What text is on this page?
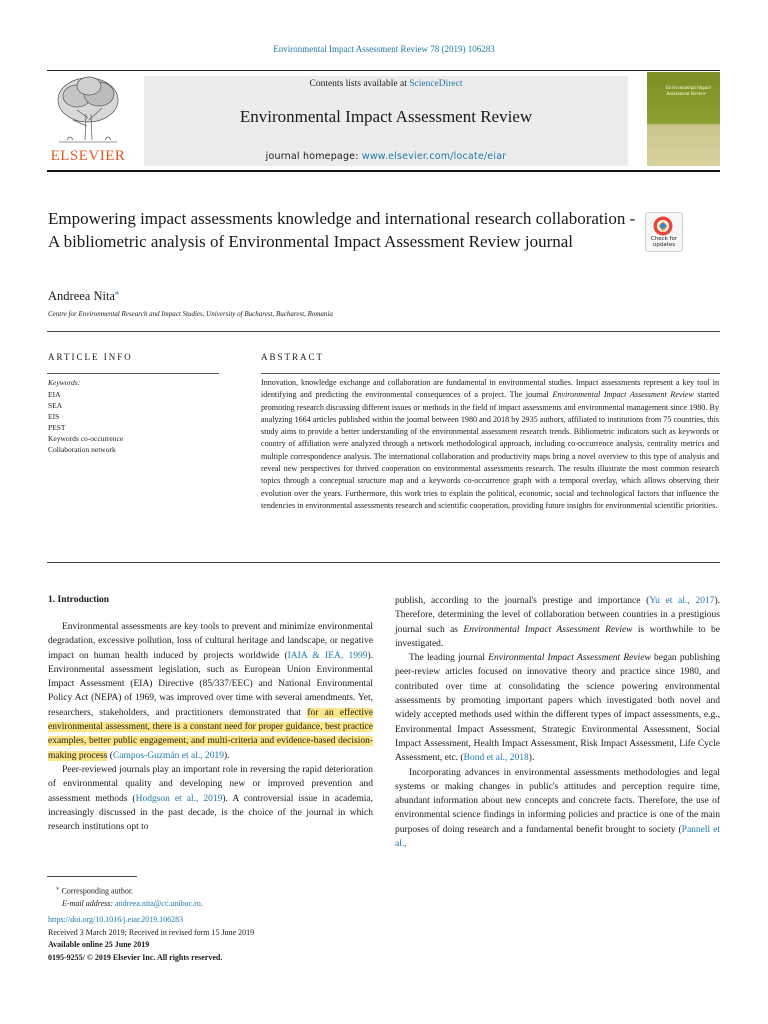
Environmental Impact Assessment Review 78 (2019) 106283
ELSEVIER
Contents lists available at ScienceDirect
Environmental Impact Assessment Review
journal homepage: www.elsevier.com/locate/eiar
Environmental Impact Assessment Review
Empowering impact assessments knowledge and international research collaboration - A bibliometric analysis of Environmental Impact Assessment Review journal	Check for updates
Andreea Nita⁎
Centre for Environmental Research and Impact Studies, University of Bucharest, Bucharest, Romania
ARTICLE INFO
Keywords:
EIA
SEA
EIS
PEST
Keywords co-occurrence
Collaboration network
ABSTRACT
Innovation, knowledge exchange and collaboration are fundamental in environmental studies. Impact assessments represent a key tool in identifying and predicting the environmental consequences of a project. The journal Environmental Impact Assessment Review started promoting research discussing different issues or methods in the field of impact assessments and environmental management since 1980. By analyzing 1664 articles published within the journal between 1980 and 2018 by 2935 authors, affiliated to institutions from 75 countries, this study aims to provide a better understanding of the environmental assessment research trends. Bibliometric indicators such as keywords or country of affiliation were analyzed through a network methodological approach, including co-occurrence analysis, centrality metrics and multiple correspondence analysis. The international collaboration and productivity maps bring a novel overview to this type of analysis and reveal new perspectives for thrived cooperation on environmental assessments research. The results illustrate the most common research topics through a conceptual structure map and a keywords co-occurrence graph with a temporal overlay, which allows observing their evolution over the years. Furthermore, this work tries to explain the political, economic, social and technological factors that influence the tendencies in environmental assessments research and scientific cooperation, providing future insights for environmental scientific priorities.
1. Introduction

Environmental assessments are key tools to prevent and minimize environmental degradation, excessive pollution, loss of cultural heritage and landscape, or negative impact on human health induced by projects worldwide (IAIA & IEA, 1999). Environmental assessment legislation, such as European Union Environmental Impact Assessment (EIA) Directive (85/337/EEC) and National Environmental Policy Act (NEPA) of 1969, was improved over time with several amendments. Yet, researchers, stakeholders, and practitioners demonstrated that for an effective environmental assessment, there is a constant need for proper guidance, best practice examples, better public engagement, and multi-criteria and evidence-based decision-making process (Campos-Guzmán et al., 2019).

Peer-reviewed journals play an important role in reversing the rapid deterioration of environmental quality and developing new or improved prevention and assessment methods (Hodgson et al., 2019). A controversial issue in academia, increasingly discussed in the past decade, is the choice of the journal in which research institutions opt to

publish, according to the journal's prestige and importance (Yu et al., 2017). Therefore, determining the level of collaboration between countries in a prestigious journal such as Environmental Impact Assessment Review is worthwhile to be investigated.

The leading journal Environmental Impact Assessment Review began publishing peer-review articles focused on innovative theory and practice since 1980, and contributed over time at consolidating the science powering environmental assessments by promoting important papers which investigated both novel and widely accepted methods used within the different types of impact assessments, e.g., Environmental Impact Assessment, Strategic Environmental Assessment, Social Impact Assessment, Health Impact Assessment, Risk Impact Assessment, Life Cycle Assessment, etc. (Bond et al., 2018).

Incorporating advances in environmental assessments methodologies and legal systems or making changes in public's attitudes and perception require time, abundant information about new concepts and concrete facts. Therefore, the use of environmental science findings in informing policies and practice is one of the main purposes of doing research and a fundamental benefit brought to society (Pannell et al.,

⁎ Corresponding author.
E-mail address: andreea.nita@cc.unibuc.ro.
https://doi.org/10.1016/j.eiar.2019.106283
Received 3 March 2019; Received in revised form 15 June 2019
Available online 25 June 2019
0195-9255/ © 2019 Elsevier Inc. All rights reserved.
